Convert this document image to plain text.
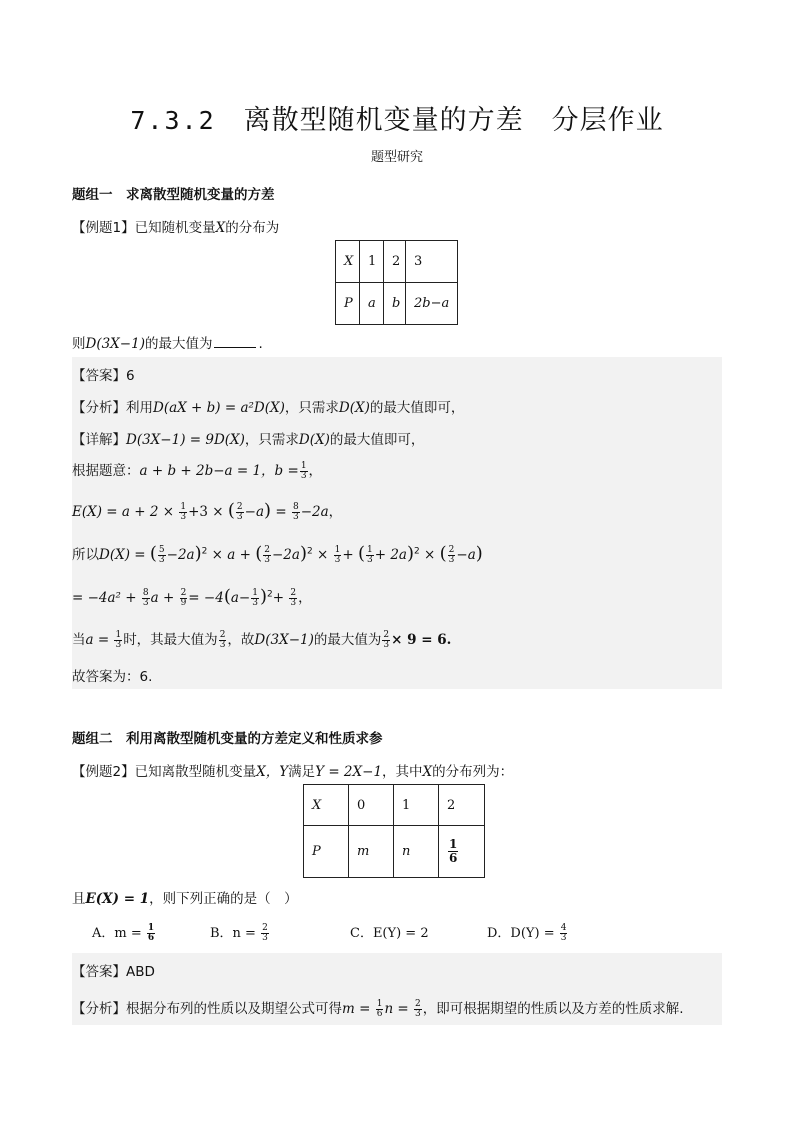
7.3.2　 离散型随机变量的方差　分层作业
题型研究
题组一　求离散型随机变量的方差
【例题1】已知随机变量X的分布为
X	1	2	3
P	a	b	2b−a
则D(3X−1)的最大值为	.
【答案】6
【分析】利用D(aX + b) = a²D(X)，只需求D(X)的最大值即可，
【详解】D(3X−1) = 9D(X)，只需求D(X)的最大值即可，
根据题意：a + b + 2b−a = 1，$b = \frac{1}{3}$ ，
$E(X) = a + 2 \times \frac{1}{3} +3$ × ( $\frac{2}{3} -a) = \frac{8}{3} -2a$，
所以D(X) = ( $\frac{5}{3} -2a)^2 \times a$ + ( $\frac{2}{3} -2a)^2 \times \frac{1}{3}$ + ( $\frac{1}{3} + 2a)^2$ × ( $\frac{2}{3} -a$)
= $-4a^2 + \frac{8}{3}$ $a + \frac{2}{9} = -4(a- \frac{1}{3} )^2+ \frac{2}{3}$ ，
当$a = \frac{1}{3}$ 时，其最大值为 $\frac{2}{3}$ ，故D(3X−1)的最大值为 $\frac{2}{3} \times 9 = 6$.
故答案为：6.
题组二　利用离散型随机变量的方差定义和性质求参
【例题2】已知离散型随机变量X，Y满足Y = 2X−1，其中X的分布列为：
X	0	1	2
P	m	n	$\frac{1}{6}$
且E(X) = 1，则下列正确的是（　）
A．$m = \frac{1}{6}$	B．$n = \frac{2}{3}$	C．E(Y) = 2	D．$D(Y) = \frac{4}{3}$
【答案】ABD
【分析】根据分布列的性质以及期望公式可得$m = \frac{1}{6}$ $n = \frac{2}{3}$ ，即可根据期望的性质以及方差的性质求解.
